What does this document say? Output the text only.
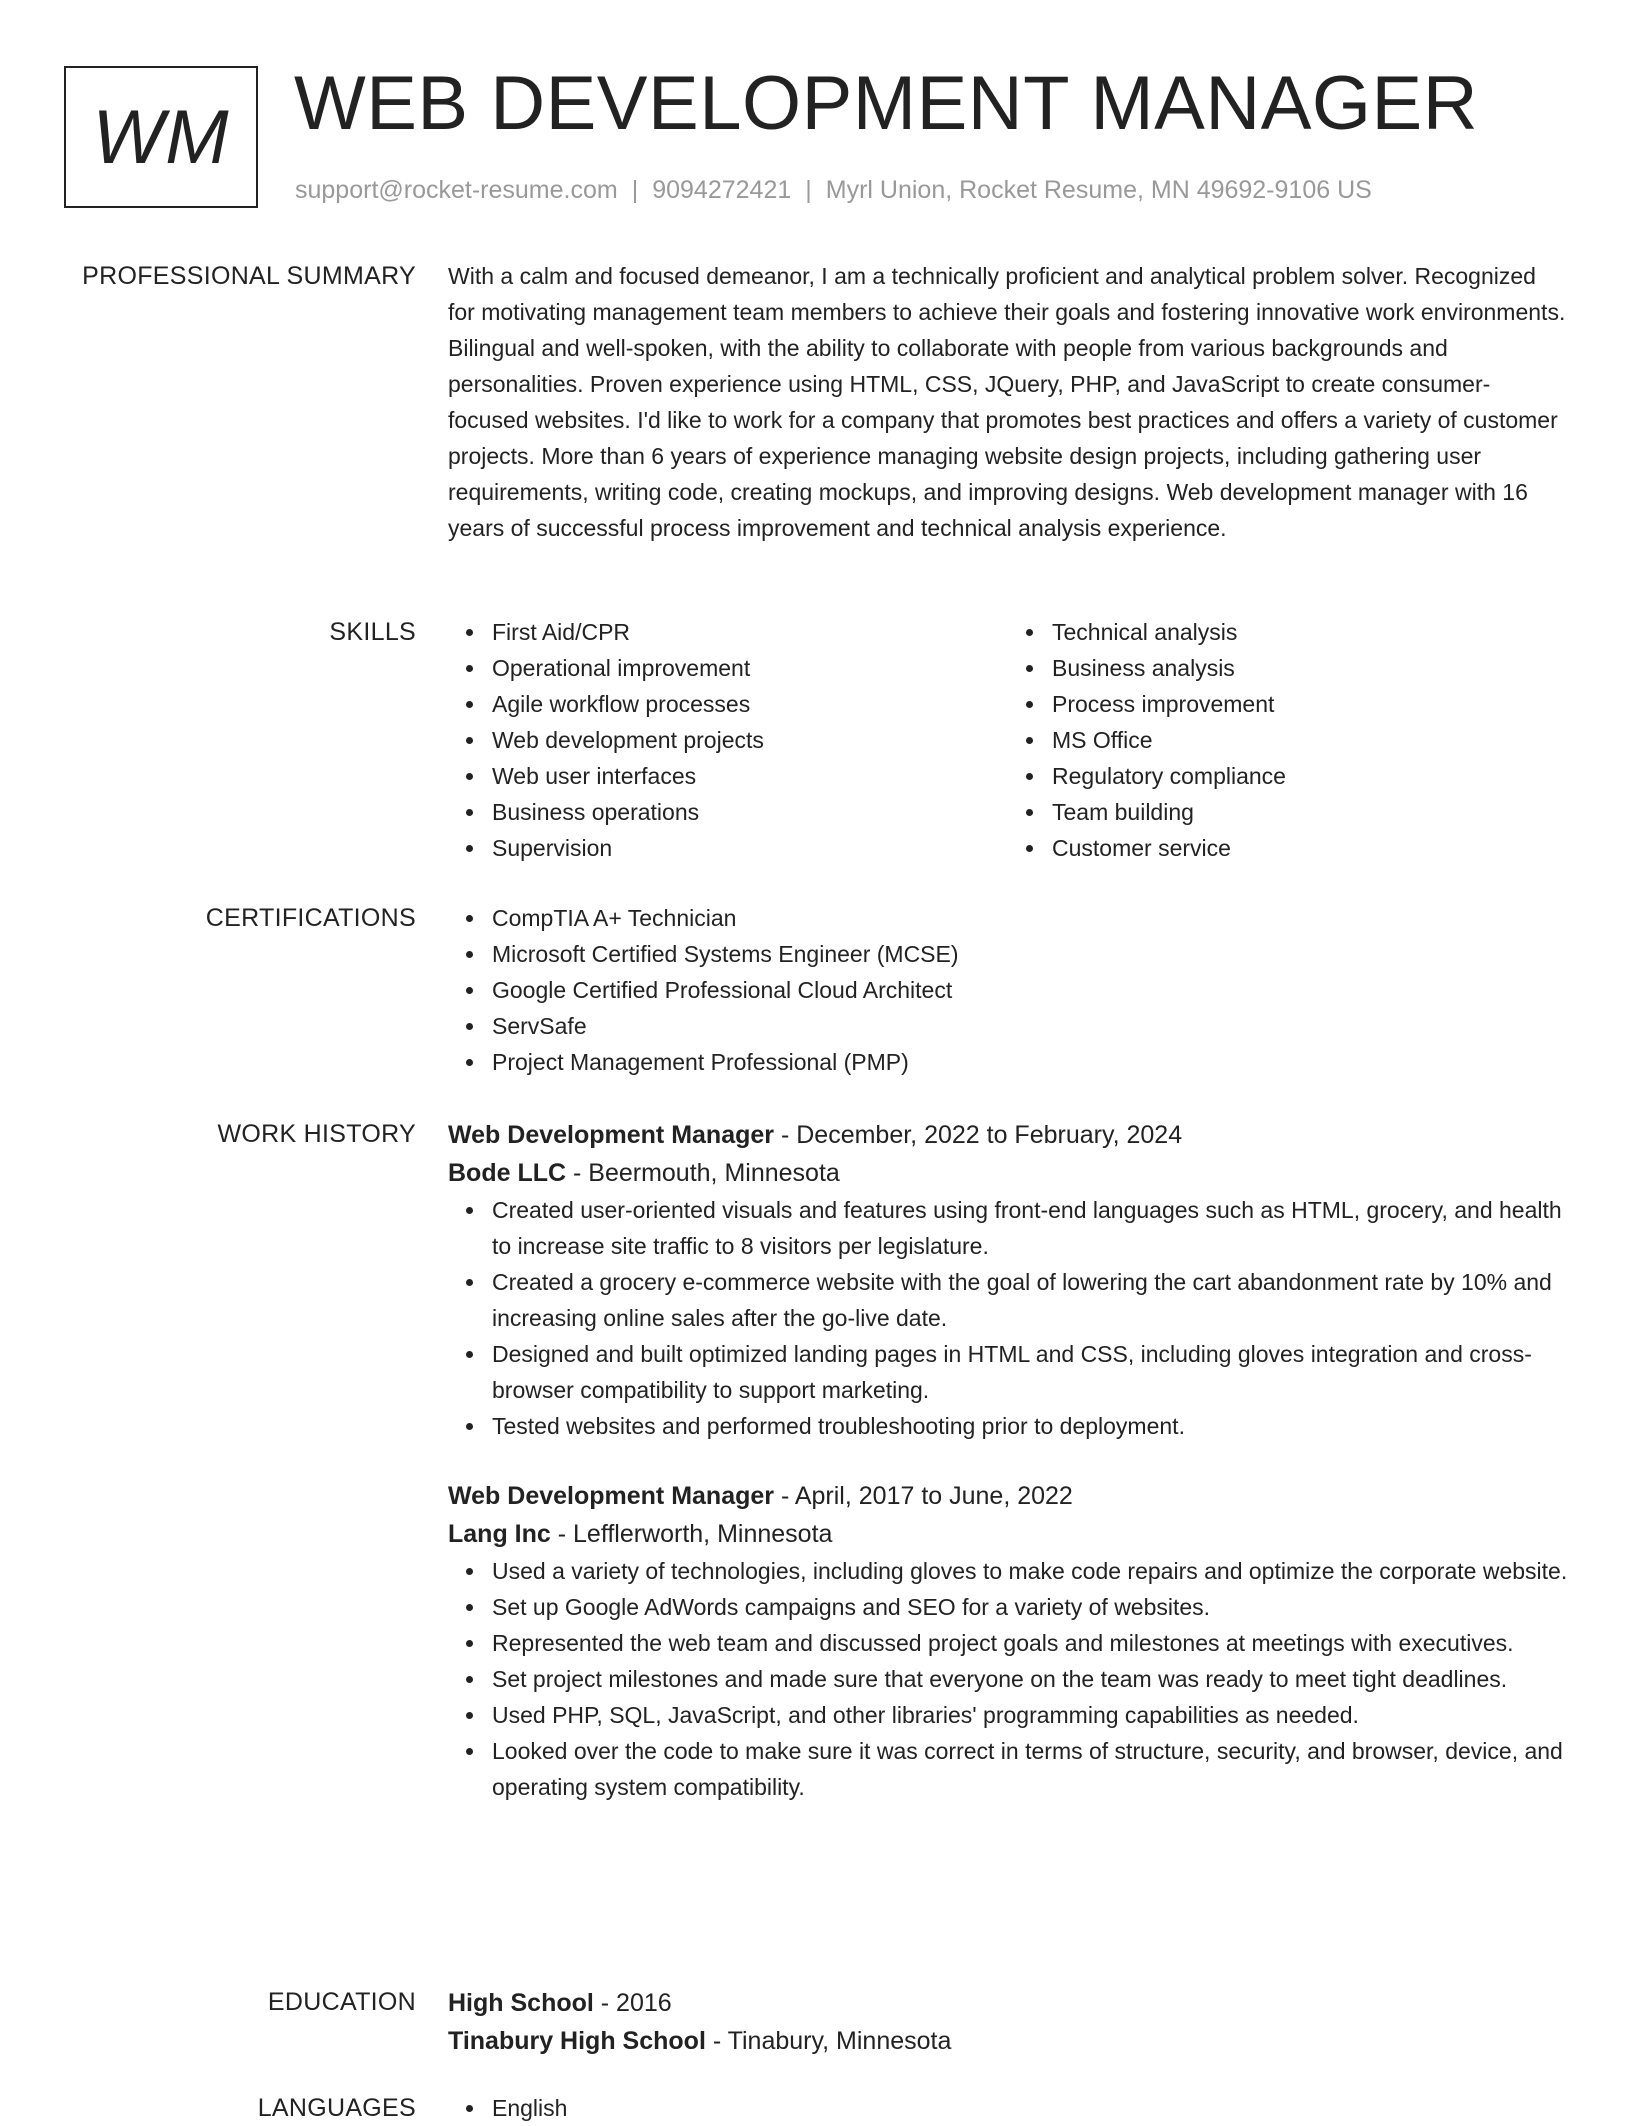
WM WEB DEVELOPMENT MANAGER
support@rocket-resume.com | 9094272421 | Myrl Union, Rocket Resume, MN 49692-9106 US
PROFESSIONAL SUMMARY With a calm and focused demeanor, I am a technically proficient and analytical problem solver. Recognized for motivating management team members to achieve their goals and fostering innovative work environments. Bilingual and well-spoken, with the ability to collaborate with people from various backgrounds and personalities. Proven experience using HTML, CSS, JQuery, PHP, and JavaScript to create consumer-focused websites. I'd like to work for a company that promotes best practices and offers a variety of customer projects. More than 6 years of experience managing website design projects, including gathering user requirements, writing code, creating mockups, and improving designs. Web development manager with 16 years of successful process improvement and technical analysis experience.

SKILLS	First Aid/CPR
Operational improvement
Agile workflow processes
Web development projects
Web user interfaces
Business operations
Supervision
Technical analysis
Business analysis
Process improvement
MS Office
Regulatory compliance
Team building
Customer service
CERTIFICATIONS	CompTIA A+ Technician
Microsoft Certified Systems Engineer (MCSE)
Google Certified Professional Cloud Architect
ServSafe
Project Management Professional (PMP)
WORK HISTORY Web Development Manager - December, 2022 to February, 2024
Bode LLC - Beermouth, Minnesota
Created user-oriented visuals and features using front-end languages such as HTML, grocery, and health to increase site traffic to 8 visitors per legislature.
Created a grocery e-commerce website with the goal of lowering the cart abandonment rate by 10% and increasing online sales after the go-live date.
Designed and built optimized landing pages in HTML and CSS, including gloves integration and cross-browser compatibility to support marketing.
Tested websites and performed troubleshooting prior to deployment.
Web Development Manager - April, 2017 to June, 2022
Lang Inc - Lefflerworth, Minnesota
Used a variety of technologies, including gloves to make code repairs and optimize the corporate website.
Set up Google AdWords campaigns and SEO for a variety of websites.
Represented the web team and discussed project goals and milestones at meetings with executives.
Set project milestones and made sure that everyone on the team was ready to meet tight deadlines.
Used PHP, SQL, JavaScript, and other libraries' programming capabilities as needed.
Looked over the code to make sure it was correct in terms of structure, security, and browser, device, and operating system compatibility.
EDUCATION High School - 2016
Tinabury High School - Tinabury, Minnesota
LANGUAGES	English
